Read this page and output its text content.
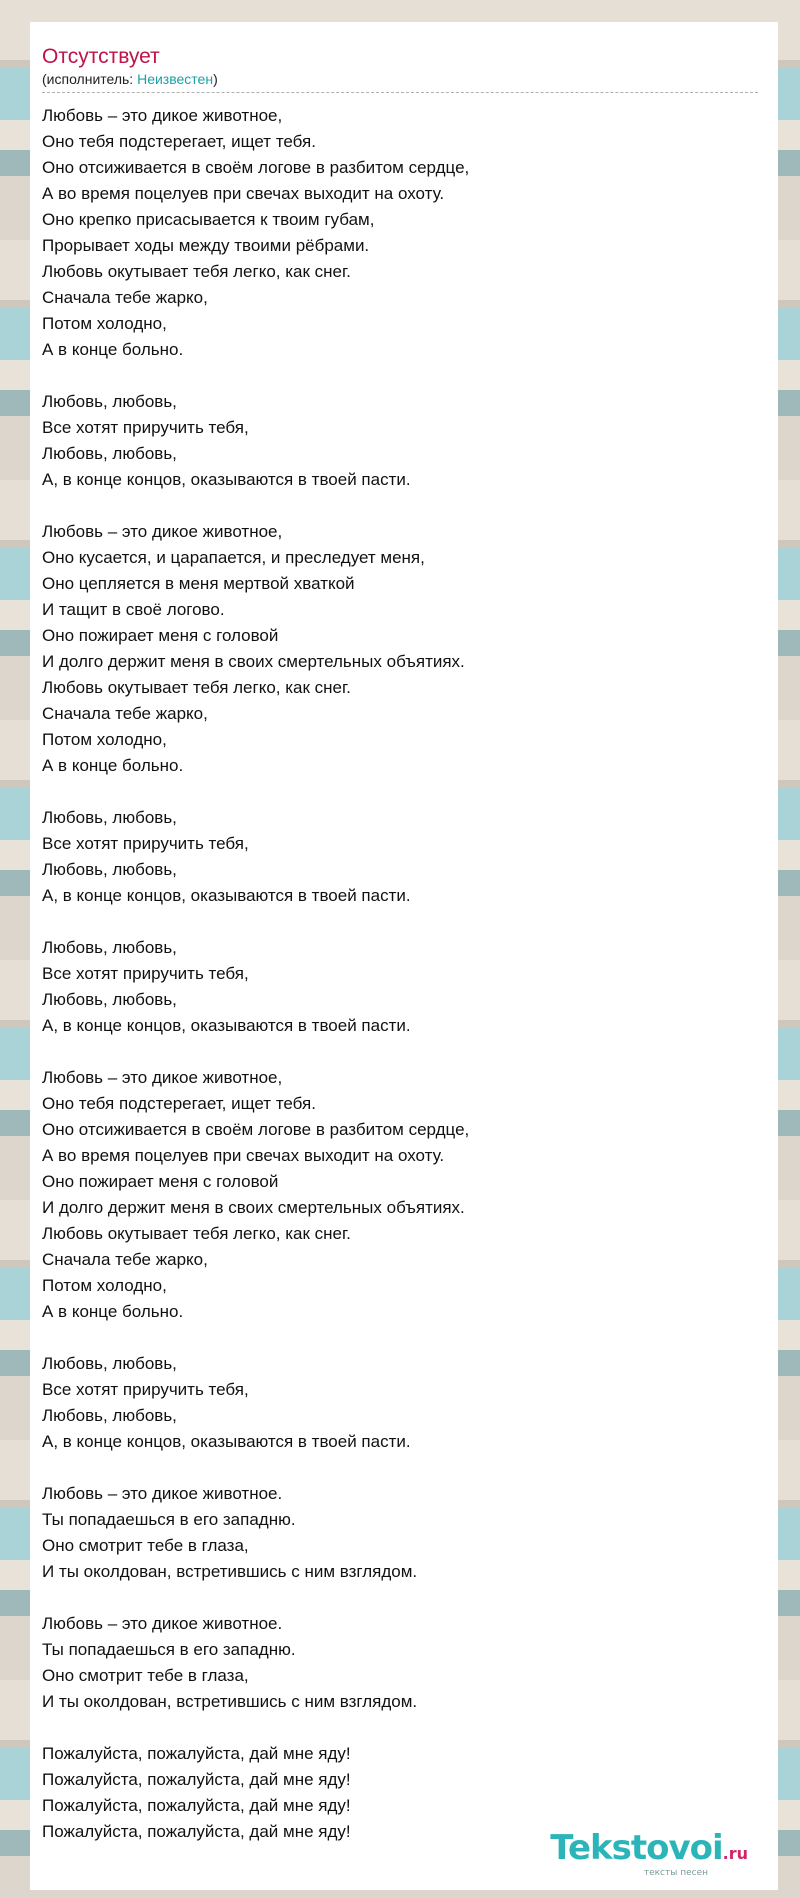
Отсутствует
(исполнитель: Неизвестен)
Любовь – это дикое животное,
Оно тебя подстерегает, ищет тебя.
Оно отсиживается в своём логове в разбитом сердце,
А во время поцелуев при свечах выходит на охоту.
Оно крепко присасывается к твоим губам,
Прорывает ходы между твоими рёбрами.
Любовь окутывает тебя легко, как снег.
Сначала тебе жарко,
Потом холодно,
А в конце больно.
Любовь, любовь,
Все хотят приручить тебя,
Любовь, любовь,
А, в конце концов, оказываются в твоей пасти.
Любовь – это дикое животное,
Оно кусается, и царапается, и преследует меня,
Оно цепляется в меня мертвой хваткой
И тащит в своё логово.
Оно пожирает меня с головой
И долго держит меня в своих смертельных объятиях.
Любовь окутывает тебя легко, как снег.
Сначала тебе жарко,
Потом холодно,
А в конце больно.
Любовь, любовь,
Все хотят приручить тебя,
Любовь, любовь,
А, в конце концов, оказываются в твоей пасти.
Любовь, любовь,
Все хотят приручить тебя,
Любовь, любовь,
А, в конце концов, оказываются в твоей пасти.
Любовь – это дикое животное,
Оно тебя подстерегает, ищет тебя.
Оно отсиживается в своём логове в разбитом сердце,
А во время поцелуев при свечах выходит на охоту.
Оно пожирает меня с головой
И долго держит меня в своих смертельных объятиях.
Любовь окутывает тебя легко, как снег.
Сначала тебе жарко,
Потом холодно,
А в конце больно.
Любовь, любовь,
Все хотят приручить тебя,
Любовь, любовь,
А, в конце концов, оказываются в твоей пасти.
Любовь – это дикое животное.
Ты попадаешься в его западню.
Оно смотрит тебе в глаза,
И ты околдован, встретившись с ним взглядом.
Любовь – это дикое животное.
Ты попадаешься в его западню.
Оно смотрит тебе в глаза,
И ты околдован, встретившись с ним взглядом.
Пожалуйста, пожалуйста, дай мне яду!
Пожалуйста, пожалуйста, дай мне яду!
Пожалуйста, пожалуйста, дай мне яду!
Пожалуйста, пожалуйста, дай мне яду!	Tekstovoi.ru
тексты песен
